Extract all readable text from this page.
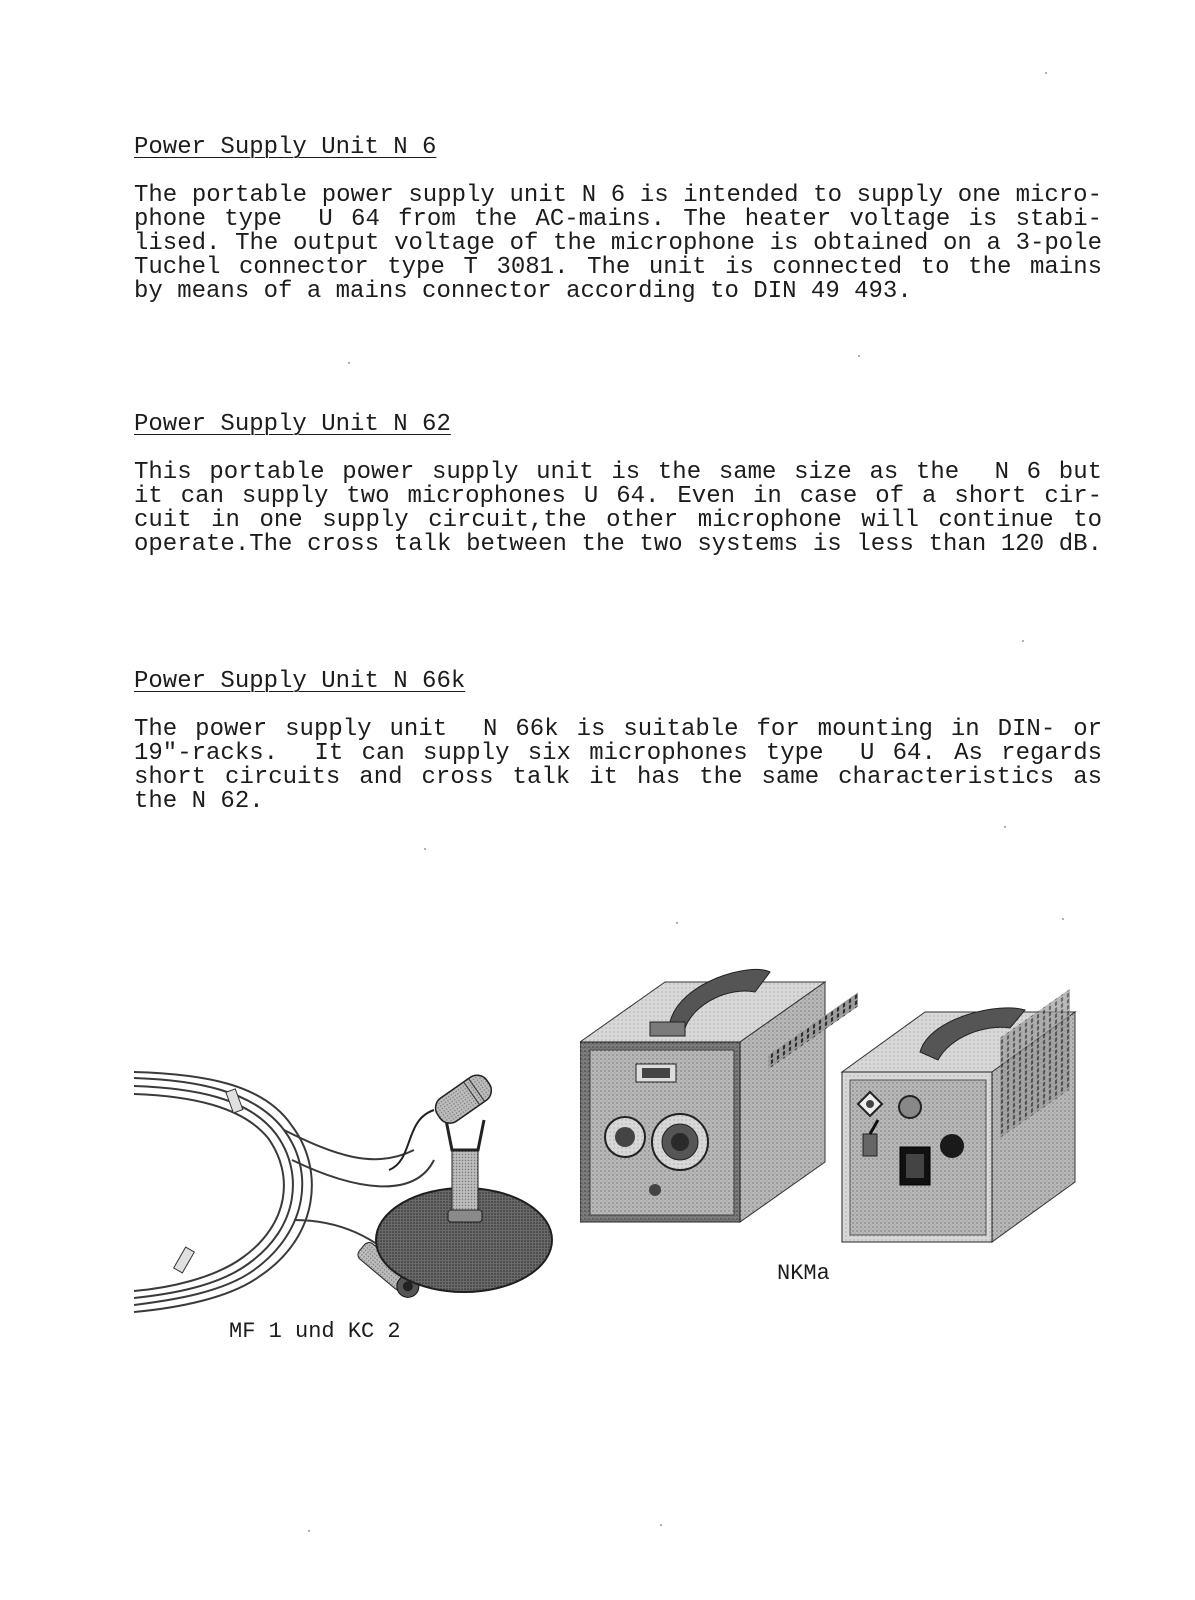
Power Supply Unit N 6
The portable power supply unit N 6 is intended to supply one micro-
phone type  U 64 from the AC-mains. The heater voltage is stabi-
lised. The output voltage of the microphone is obtained on a 3-pole
Tuchel connector type T 3081. The unit is connected to the mains
by means of a mains connector according to DIN 49 493.
Power Supply Unit N 62
This portable power supply unit is the same size as the  N 6 but
it can supply two microphones U 64. Even in case of a short cir-
cuit in one supply circuit,the other microphone will continue to
operate.The cross talk between the two systems is less than 120 dB.
Power Supply Unit N 66k
The power supply unit  N 66k is suitable for mounting in DIN- or
19"-racks.  It can supply six microphones type  U 64. As regards
short circuits and cross talk it has the same characteristics as
the N 62.
MF 1 und KC 2
NKMa
